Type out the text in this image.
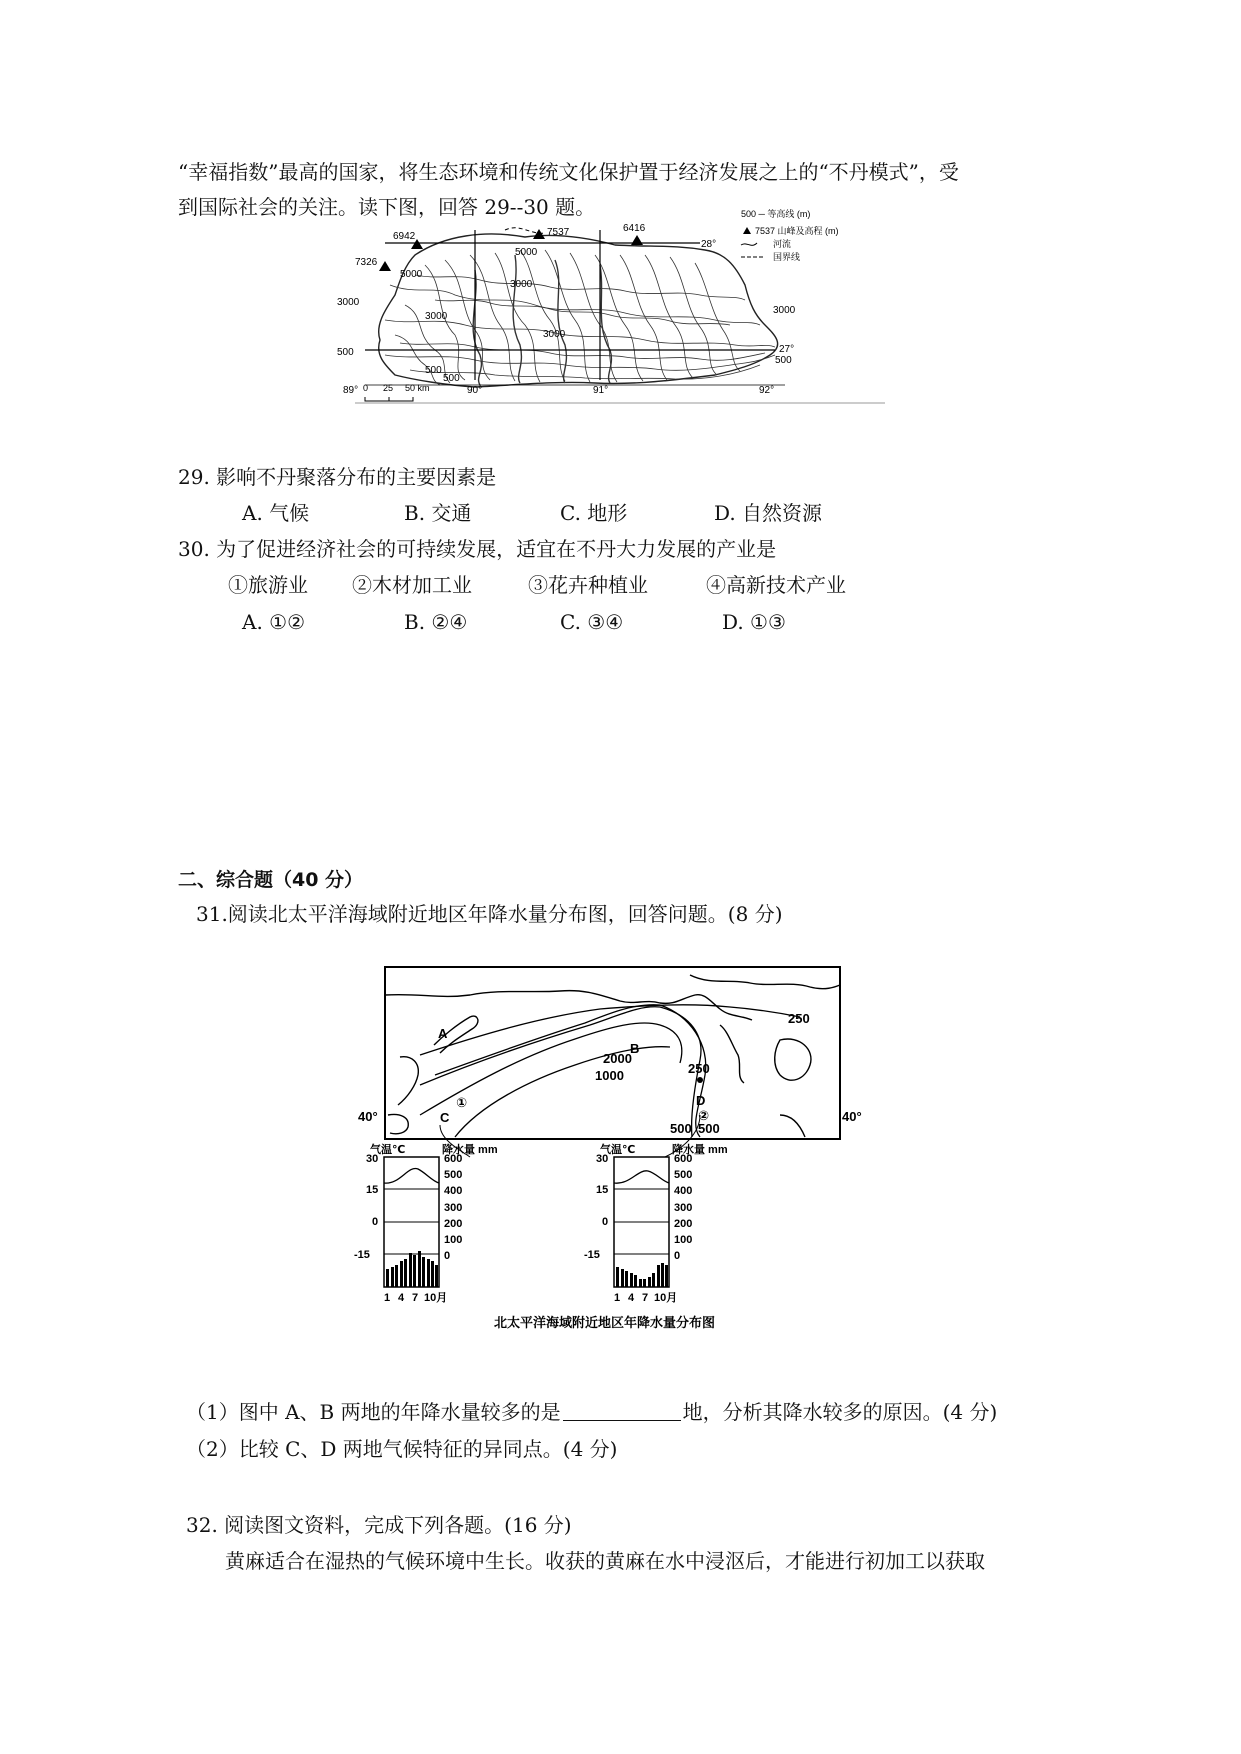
“幸福指数”最高的国家，将生态环境和传统文化保护置于经济发展之上的“不丹模式”，受
到国际社会的关注。读下图，回答 29--30 题。
7537
6942
7326
6416
5000
5000
3000
3000
3000
3000
3000
500
500
500
500
89°	90°	91°	92°
28°
27°
500 ─ 等高线 (m)
7537 山峰及高程 (m)
河流
国界线
0 25 50 km
29. 影响不丹聚落分布的主要因素是
A. 气候	B. 交通	C. 地形	D. 自然资源
30. 为了促进经济社会的可持续发展，适宜在不丹大力发展的产业是
①旅游业 ②木材加工业	③花卉种植业	④高新技术产业
A. ①②	B. ②④	C. ③④	D. ①③
二、综合题（40 分）
31.阅读北太平洋海域附近地区年降水量分布图，回答问题。(8 分)
250
2000
1000	250
500 500
A
B
C
D
①
②
40°	40°
气温℃	降水量 mm
30
15
0
-15
600
500
400
300
200
100
0
1 4 7 10月
气温℃	降水量 mm
30
15
0
-15
600
500
400
300
200
100
0
1 4 7 10月
北太平洋海域附近地区年降水量分布图
（1）图中 A、B 两地的年降水量较多的是	地，分析其降水较多的原因。(4 分)
（2）比较 C、D 两地气候特征的异同点。(4 分)
32. 阅读图文资料，完成下列各题。(16 分)
黄麻适合在湿热的气候环境中生长。收获的黄麻在水中浸沤后，才能进行初加工以获取
